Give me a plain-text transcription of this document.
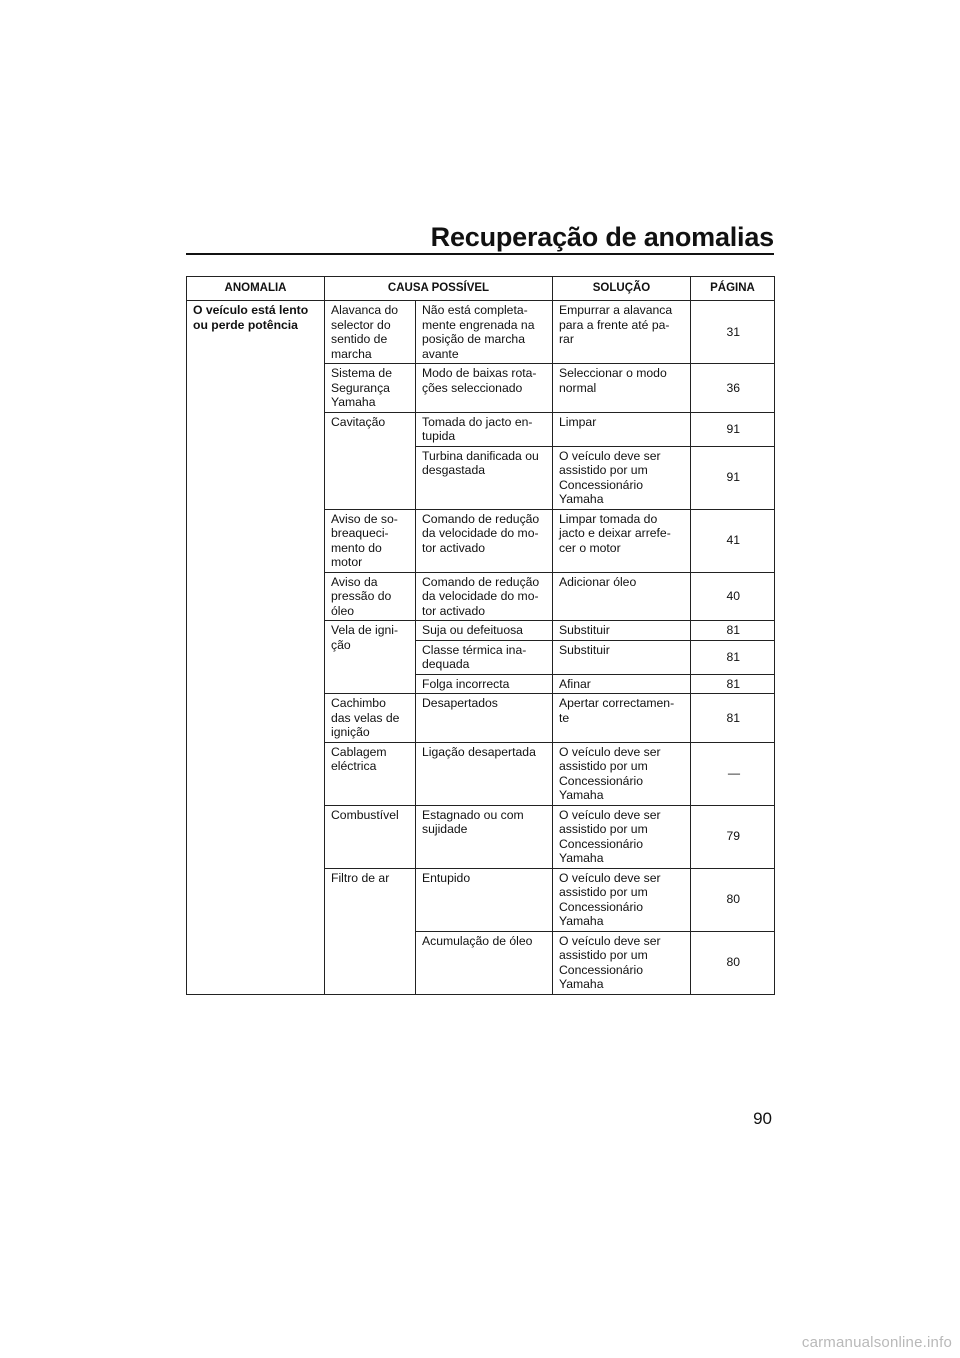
Recuperação de anomalias
ANOMALIA	CAUSA POSSÍVEL		SOLUÇÃO	PÁGINA
O veículo está lento ou perde potência	Alavanca do
selector do
sentido de
marcha	Não está completa-
mente engrenada na
posição de marcha
avante	Empurrar a alavanca
para a frente até pa-
rar	31
	Sistema de
Segurança
Yamaha	Modo de baixas rota-
ções seleccionado	Seleccionar o modo
normal	36
	Cavitação	Tomada do jacto en-
tupida	Limpar	91
		Turbina danificada ou
desgastada	O veículo deve ser
assistido por um
Concessionário
Yamaha	91
	Aviso de so-
breaqueci-
mento do
motor	Comando de redução
da velocidade do mo-
tor activado	Limpar tomada do
jacto e deixar arrefe-
cer o motor	41
	Aviso da
pressão do
óleo	Comando de redução
da velocidade do mo-
tor activado	Adicionar óleo	40
	Vela de igni-
ção	Suja ou defeituosa	Substituir	81
		Classe térmica ina-
dequada	Substituir	81
		Folga incorrecta	Afinar	81
	Cachimbo
das velas de
ignição	Desapertados	Apertar correctamen-
te	81
	Cablagem
eléctrica	Ligação desapertada	O veículo deve ser
assistido por um
Concessionário
Yamaha	—
	Combustível	Estagnado ou com
sujidade	O veículo deve ser
assistido por um
Concessionário
Yamaha	79
	Filtro de ar	Entupido	O veículo deve ser
assistido por um
Concessionário
Yamaha	80
		Acumulação de óleo	O veículo deve ser
assistido por um
Concessionário
Yamaha	80
90
carmanualsonline.info
